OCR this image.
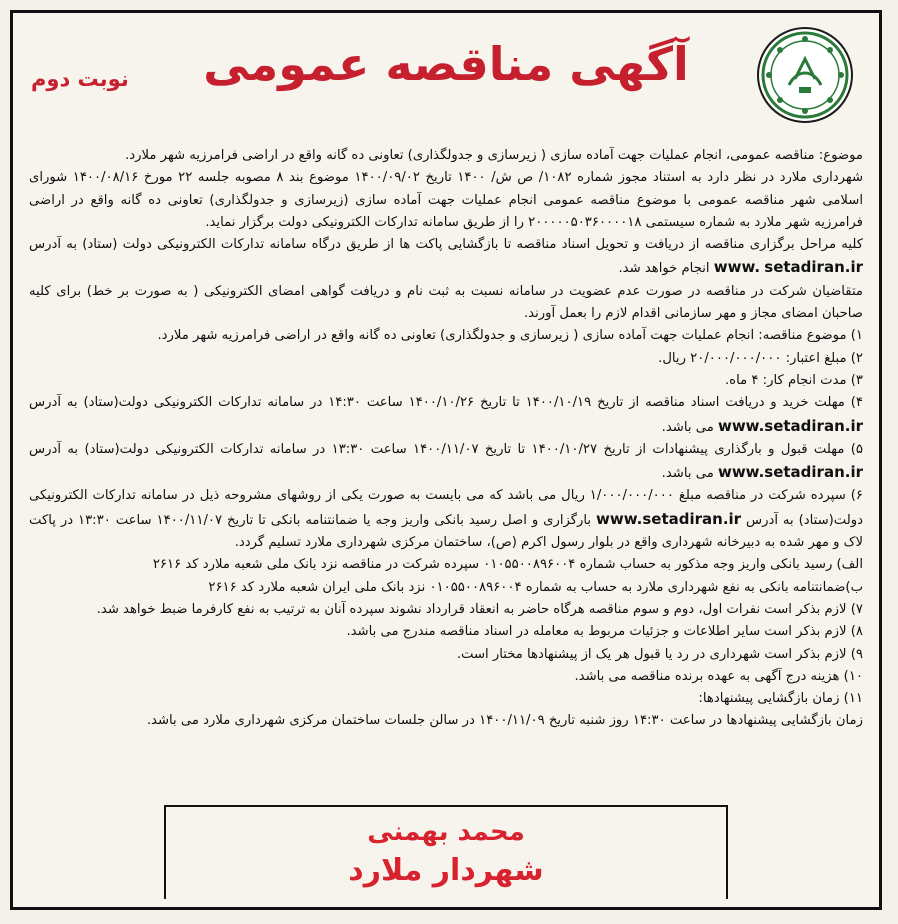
آگهی مناقصه عمومی
نوبت دوم

موضوع: مناقصه عمومی، انجام عملیات جهت آماده سازی ( زیرسازی و جدولگذاری) تعاونی ده گانه واقع در اراضی فرامرزیه شهر ملارد.

شهرداری ملارد در نظر دارد به استناد مجوز شماره ۱۰۸۲/ ص ش/ ۱۴۰۰ تاریخ ۱۴۰۰/۰۹/۰۲ موضوع بند ۸ مصوبه جلسه ۲۲ مورخ ۱۴۰۰/۰۸/۱۶ شورای اسلامی شهر مناقصه عمومی با موضوع مناقصه عمومی انجام عملیات جهت آماده سازی (زیرسازی و جدولگذاری) تعاونی ده گانه واقع در اراضی فرامرزیه شهر ملارد به شماره سیستمی ۲۰۰۰۰۰۵۰۳۶۰۰۰۰۱۸ را از طریق سامانه تدارکات الکترونیکی دولت برگزار نماید.

کلیه مراحل برگزاری مناقصه از دریافت و تحویل اسناد مناقصه تا بازگشایی پاکت ها از طریق درگاه سامانه تدارکات الکترونیکی دولت (ستاد) به آدرس www. setadiran.ir انجام خواهد شد.

متقاضیان شرکت در مناقصه در صورت عدم عضویت در سامانه نسبت به ثبت نام و دریافت گواهی امضای الکترونیکی ( به صورت بر خط) برای کلیه صاحبان امضای مجاز و مهر سازمانی اقدام لازم را بعمل آورند.

۱) موضوع مناقصه: انجام عملیات جهت آماده سازی ( زیرسازی و جدولگذاری) تعاونی ده گانه واقع در اراضی فرامرزیه شهر ملارد.

۲) مبلغ اعتبار: ۲۰/۰۰۰/۰۰۰/۰۰۰ ریال.

۳) مدت انجام کار: ۴ ماه.

۴) مهلت خرید و دریافت اسناد مناقصه از تاریخ ۱۴۰۰/۱۰/۱۹ تا تاریخ ۱۴۰۰/۱۰/۲۶ ساعت ۱۴:۳۰ در سامانه تدارکات الکترونیکی دولت(ستاد) به آدرس www.setadiran.ir می باشد.

۵) مهلت قبول و بارگذاری پیشنهادات از تاریخ ۱۴۰۰/۱۰/۲۷ تا تاریخ ۱۴۰۰/۱۱/۰۷ ساعت ۱۳:۳۰ در سامانه تدارکات الکترونیکی دولت(ستاد) به آدرس www.setadiran.ir می باشد.

۶) سپرده شرکت در مناقصه مبلغ ۱/۰۰۰/۰۰۰/۰۰۰ ریال می باشد که می بایست به صورت یکی از روشهای مشروحه ذیل در سامانه تدارکات الکترونیکی دولت(ستاد) به آدرس www.setadiran.ir بارگزاری و اصل رسید بانکی واریز وجه یا ضمانتنامه بانکی تا تاریخ ۱۴۰۰/۱۱/۰۷ ساعت ۱۳:۳۰ در پاکت لاک و مهر شده به دبیرخانه شهرداری واقع در بلوار رسول اکرم (ص)، ساختمان مرکزی شهرداری ملارد تسلیم گردد.

الف) رسید بانکی واریز وجه مذکور به حساب شماره ۰۱۰۵۵۰۰۸۹۶۰۰۴ سپرده شرکت در مناقصه نزد بانک ملی شعبه ملارد کد ۲۶۱۶

ب)ضمانتنامه بانکی به نفع شهرداری ملارد به حساب به شماره ۰۱۰۵۵۰۰۸۹۶۰۰۴ نزد بانک ملی ایران شعبه ملارد کد ۲۶۱۶

۷) لازم بذکر است نفرات اول، دوم و سوم مناقصه هرگاه حاضر به انعقاد قرارداد نشوند سپرده آنان به ترتیب به نفع کارفرما ضبط خواهد شد.

۸) لازم بذکر است سایر اطلاعات و جزئیات مربوط به معامله در اسناد مناقصه مندرج می باشد.

۹) لازم بذکر است شهرداری در رد یا قبول هر یک از پیشنهادها مختار است.

۱۰) هزینه درج آگهی به عهده برنده مناقصه می باشد.

۱۱) زمان بازگشایی پیشنهادها:

زمان بازگشایی پیشنهادها در ساعت ۱۴:۳۰ روز شنبه تاریخ ۱۴۰۰/۱۱/۰۹ در سالن جلسات ساختمان مرکزی شهرداری ملارد می باشد.

محمد بهمنی
شهردار ملارد
